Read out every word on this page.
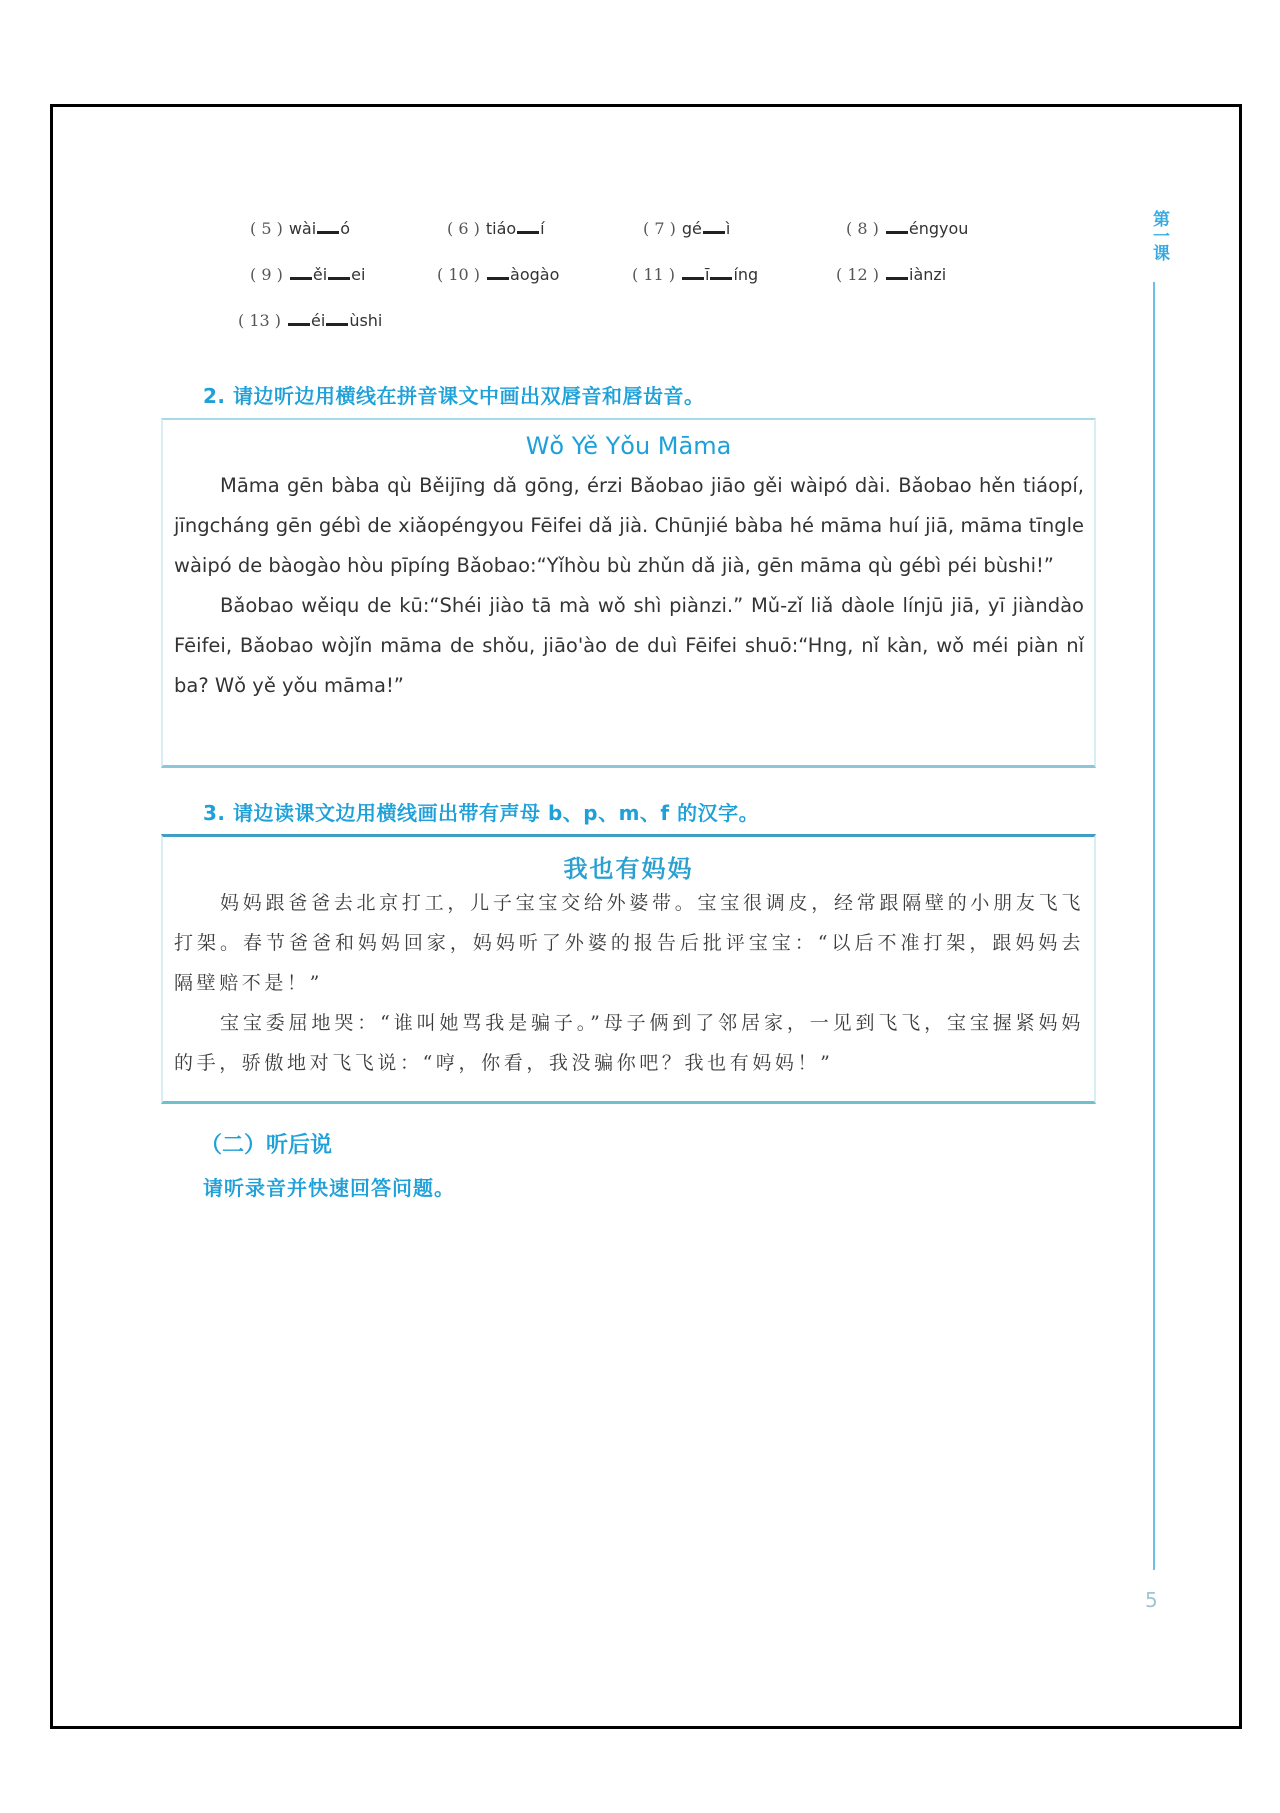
( 5 ) wài ó	( 6 ) tiáo í	( 7 ) gé ì	( 8 ) éngyou
( 9 ) ěi ei	( 10 ) àogào	( 11 ) ī íng	( 12 ) iànzi
( 13 ) éi ùshi
2. 请边听边用横线在拼音课文中画出双唇音和唇齿音。
Wǒ Yě Yǒu Māma

Māma gēn bàba qù Běijīng dǎ gōng, érzi Bǎobao jiāo gěi wàipó dài. Bǎobao hěn tiáopí, jīngcháng gēn gébì de xiǎopéngyou Fēifei dǎ jià. Chūnjié bàba hé māma huí jiā, māma tīngle wàipó de bàogào hòu pīpíng Bǎobao:“Yǐhòu bù zhǔn dǎ jià, gēn māma qù gébì péi bùshi!”

Bǎobao wěiqu de kū:“Shéi jiào tā mà wǒ shì piànzi.” Mǔ-zǐ liǎ dàole línjū jiā, yī jiàndào Fēifei, Bǎobao wòjǐn māma de shǒu, jiāo'ào de duì Fēifei shuō:“Hng, nǐ kàn, wǒ méi piàn nǐ ba? Wǒ yě yǒu māma!”

3. 请边读课文边用横线画出带有声母 b、p、m、f 的汉字。
我也有妈妈

妈妈跟爸爸去北京打工，儿子宝宝交给外婆带。宝宝很调皮，经常跟隔壁的小朋友飞飞打架。春节爸爸和妈妈回家，妈妈听了外婆的报告后批评宝宝：“以后不准打架，跟妈妈去隔壁赔不是！”

宝宝委屈地哭：“谁叫她骂我是骗子。”母子俩到了邻居家，一见到飞飞，宝宝握紧妈妈的手，骄傲地对飞飞说：“哼，你看，我没骗你吧？我也有妈妈！”

（二）听后说
请听录音并快速回答问题。
第一课
5
